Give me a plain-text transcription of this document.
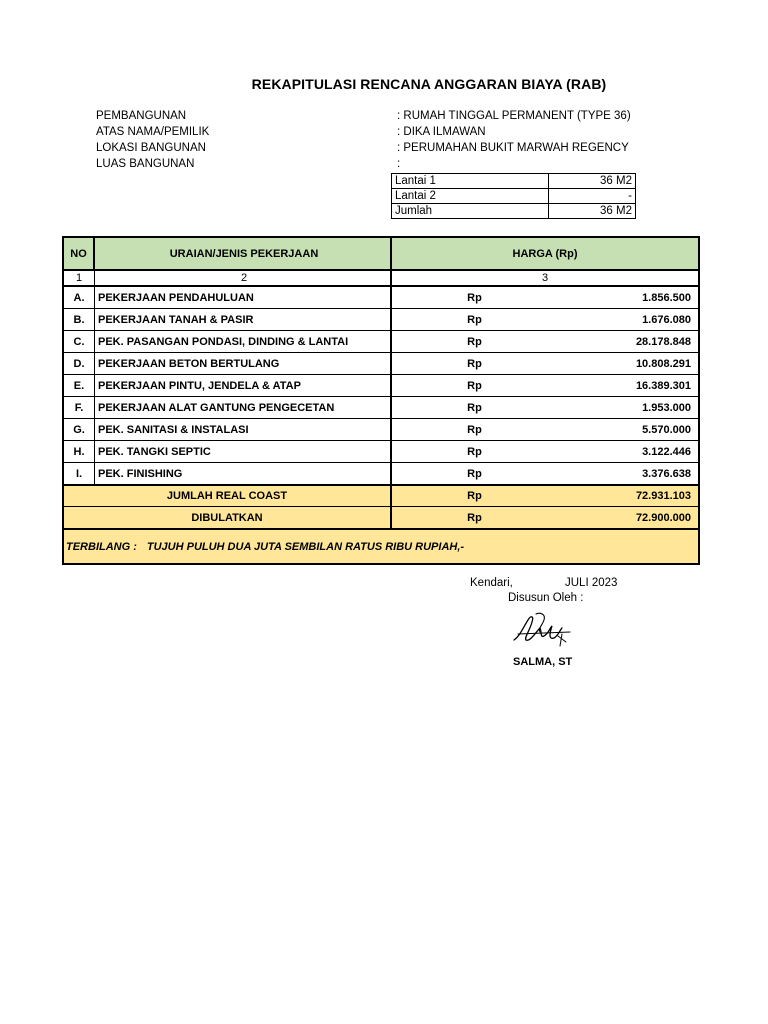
REKAPITULASI RENCANA ANGGARAN BIAYA (RAB)
PEMBANGUNAN	: RUMAH TINGGAL PERMANENT (TYPE 36)
ATAS NAMA/PEMILIK	: DIKA ILMAWAN
LOKASI BANGUNAN	: PERUMAHAN BUKIT MARWAH REGENCY
LUAS BANGUNAN	:
Lantai 1	36 M2
Lantai 2	-
Jumlah	36 M2
NO	URAIAN/JENIS PEKERJAAN	HARGA (Rp)
1	2	3
A.	PEKERJAAN PENDAHULUAN	Rp	1.856.500
B.	PEKERJAAN TANAH & PASIR	Rp	1.676.080
C.	PEK. PASANGAN PONDASI, DINDING & LANTAI	Rp	28.178.848
D.	PEKERJAAN BETON BERTULANG	Rp	10.808.291
E.	PEKERJAAN PINTU, JENDELA & ATAP	Rp	16.389.301
F.	PEKERJAAN ALAT GANTUNG PENGECETAN	Rp	1.953.000
G.	PEK. SANITASI & INSTALASI	Rp	5.570.000
H.	PEK. TANGKI SEPTIC	Rp	3.122.446
I.	PEK. FINISHING	Rp	3.376.638
JUMLAH REAL COAST	Rp	72.931.103
DIBULATKAN	Rp	72.900.000
TERBILANG : TUJUH PULUH DUA JUTA SEMBILAN RATUS RIBU RUPIAH,-
Kendari,	JULI 2023
Disusun Oleh :
SALMA, ST
